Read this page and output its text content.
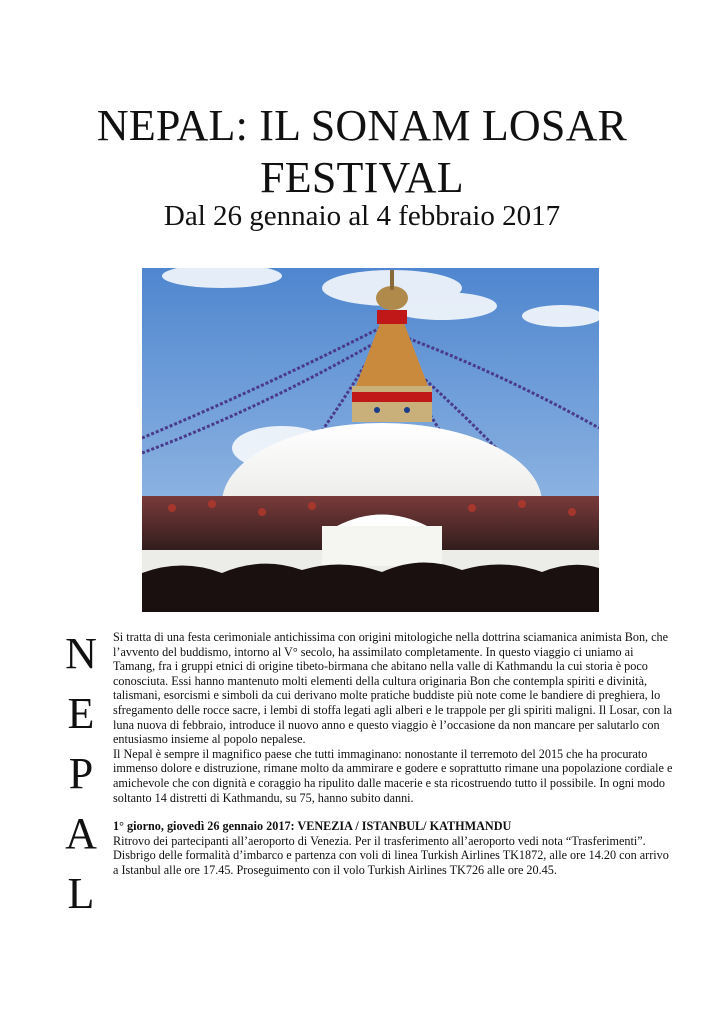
NEPAL: IL SONAM LOSAR
FESTIVAL
Dal 26 gennaio al 4 febbraio 2017
N
E
P
A
L

Si tratta di una festa cerimoniale antichissima con origini mitologiche nella dottrina sciamanica animista Bon, che l’avvento del buddismo, intorno al V° secolo, ha assimilato completamente. In questo viaggio ci uniamo ai Tamang, fra i gruppi etnici di origine tibeto-birmana che abitano nella valle di Kathmandu la cui storia è poco conosciuta. Essi hanno mantenuto molti elementi della cultura originaria Bon che contempla spiriti e divinità, talismani, esorcismi e simboli da cui derivano molte pratiche buddiste più note come le bandiere di preghiera, lo sfregamento delle rocce sacre, i lembi di stoffa legati agli alberi e le trappole per gli spiriti maligni. Il Losar, con la luna nuova di febbraio, introduce il nuovo anno e questo viaggio è l’occasione da non mancare per salutarlo con entusiasmo insieme al popolo nepalese.

Il Nepal è sempre il magnifico paese che tutti immaginano: nonostante il terremoto del 2015 che ha procurato immenso dolore e distruzione, rimane molto da ammirare e godere e soprattutto rimane una popolazione cordiale e amichevole che con dignità e coraggio ha ripulito dalle macerie e sta ricostruendo tutto il possibile. In ogni modo soltanto 14 distretti di Kathmandu, su 75, hanno subito danni.

1° giorno, giovedì 26 gennaio 2017: VENEZIA / ISTANBUL/ KATHMANDU

Ritrovo dei partecipanti all’aeroporto di Venezia. Per il trasferimento all’aeroporto vedi nota “Trasferimenti”. Disbrigo delle formalità d’imbarco e partenza con voli di linea Turkish Airlines TK1872, alle ore 14.20 con arrivo a Istanbul alle ore 17.45. Proseguimento con il volo Turkish Airlines TK726 alle ore 20.45.
